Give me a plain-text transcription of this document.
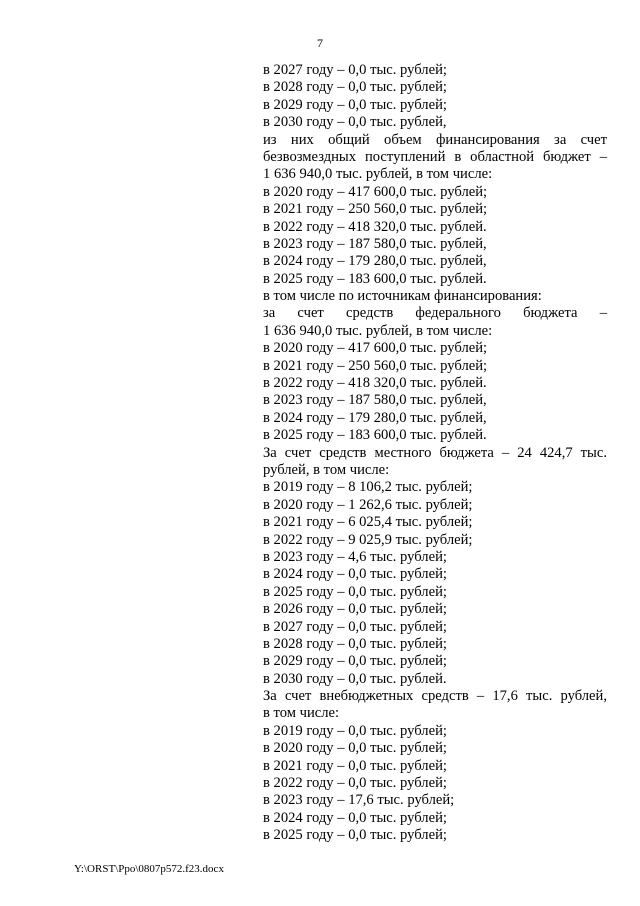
7
в 2027 году – 0,0 тыс. рублей;
в 2028 году – 0,0 тыс. рублей;
в 2029 году – 0,0 тыс. рублей;
в 2030 году – 0,0 тыс. рублей,
из них общий объем финансирования за счет
безвозмездных поступлений в областной бюджет –
1 636 940,0 тыс. рублей, в том числе:
в 2020 году – 417 600,0 тыс. рублей;
в 2021 году – 250 560,0 тыс. рублей;
в 2022 году – 418 320,0 тыс. рублей.
в 2023 году – 187 580,0 тыс. рублей,
в 2024 году – 179 280,0 тыс. рублей,
в 2025 году – 183 600,0 тыс. рублей.
в том числе по источникам финансирования:
за счет средств федерального бюджета –
1 636 940,0 тыс. рублей, в том числе:
в 2020 году – 417 600,0 тыс. рублей;
в 2021 году – 250 560,0 тыс. рублей;
в 2022 году – 418 320,0 тыс. рублей.
в 2023 году – 187 580,0 тыс. рублей,
в 2024 году – 179 280,0 тыс. рублей,
в 2025 году – 183 600,0 тыс. рублей.
За счет средств местного бюджета – 24 424,7 тыс.
рублей, в том числе:
в 2019 году – 8 106,2 тыс. рублей;
в 2020 году – 1 262,6 тыс. рублей;
в 2021 году – 6 025,4 тыс. рублей;
в 2022 году – 9 025,9 тыс. рублей;
в 2023 году – 4,6 тыс. рублей;
в 2024 году – 0,0 тыс. рублей;
в 2025 году – 0,0 тыс. рублей;
в 2026 году – 0,0 тыс. рублей;
в 2027 году – 0,0 тыс. рублей;
в 2028 году – 0,0 тыс. рублей;
в 2029 году – 0,0 тыс. рублей;
в 2030 году – 0,0 тыс. рублей.
За счет внебюджетных средств – 17,6 тыс. рублей,
в том числе:
в 2019 году – 0,0 тыс. рублей;
в 2020 году – 0,0 тыс. рублей;
в 2021 году – 0,0 тыс. рублей;
в 2022 году – 0,0 тыс. рублей;
в 2023 году – 17,6 тыс. рублей;
в 2024 году – 0,0 тыс. рублей;
в 2025 году – 0,0 тыс. рублей;
Y:\ORST\Ppo\0807p572.f23.docx
